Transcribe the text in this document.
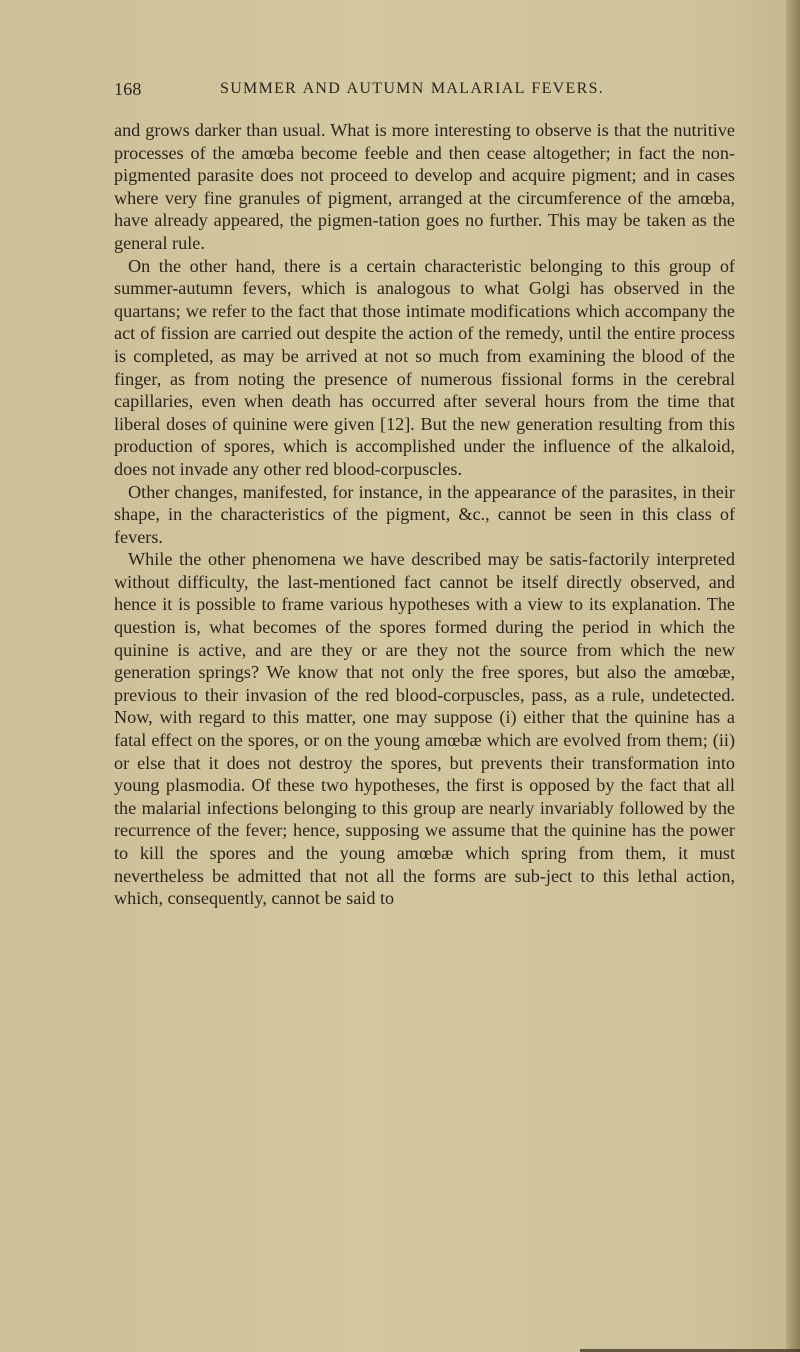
168	SUMMER AND AUTUMN MALARIAL FEVERS.

and grows darker than usual. What is more interesting to observe is that the nutritive processes of the amœba become feeble and then cease altogether; in fact the non-pigmented parasite does not proceed to develop and acquire pigment; and in cases where very fine granules of pigment, arranged at the circumference of the amœba, have already appeared, the pigmen-tation goes no further. This may be taken as the general rule.

On the other hand, there is a certain characteristic belonging to this group of summer-autumn fevers, which is analogous to what Golgi has observed in the quartans; we refer to the fact that those intimate modifications which accompany the act of fission are carried out despite the action of the remedy, until the entire process is completed, as may be arrived at not so much from examining the blood of the finger, as from noting the presence of numerous fissional forms in the cerebral capillaries, even when death has occurred after several hours from the time that liberal doses of quinine were given [12]. But the new generation resulting from this production of spores, which is accomplished under the influence of the alkaloid, does not invade any other red blood-corpuscles.

Other changes, manifested, for instance, in the appearance of the parasites, in their shape, in the characteristics of the pigment, &c., cannot be seen in this class of fevers.

While the other phenomena we have described may be satis-factorily interpreted without difficulty, the last-mentioned fact cannot be itself directly observed, and hence it is possible to frame various hypotheses with a view to its explanation. The question is, what becomes of the spores formed during the period in which the quinine is active, and are they or are they not the source from which the new generation springs? We know that not only the free spores, but also the amœbæ, previous to their invasion of the red blood-corpuscles, pass, as a rule, undetected. Now, with regard to this matter, one may suppose (i) either that the quinine has a fatal effect on the spores, or on the young amœbæ which are evolved from them; (ii) or else that it does not destroy the spores, but prevents their transformation into young plasmodia. Of these two hypotheses, the first is opposed by the fact that all the malarial infections belonging to this group are nearly invariably followed by the recurrence of the fever; hence, supposing we assume that the quinine has the power to kill the spores and the young amœbæ which spring from them, it must nevertheless be admitted that not all the forms are sub-ject to this lethal action, which, consequently, cannot be said to
